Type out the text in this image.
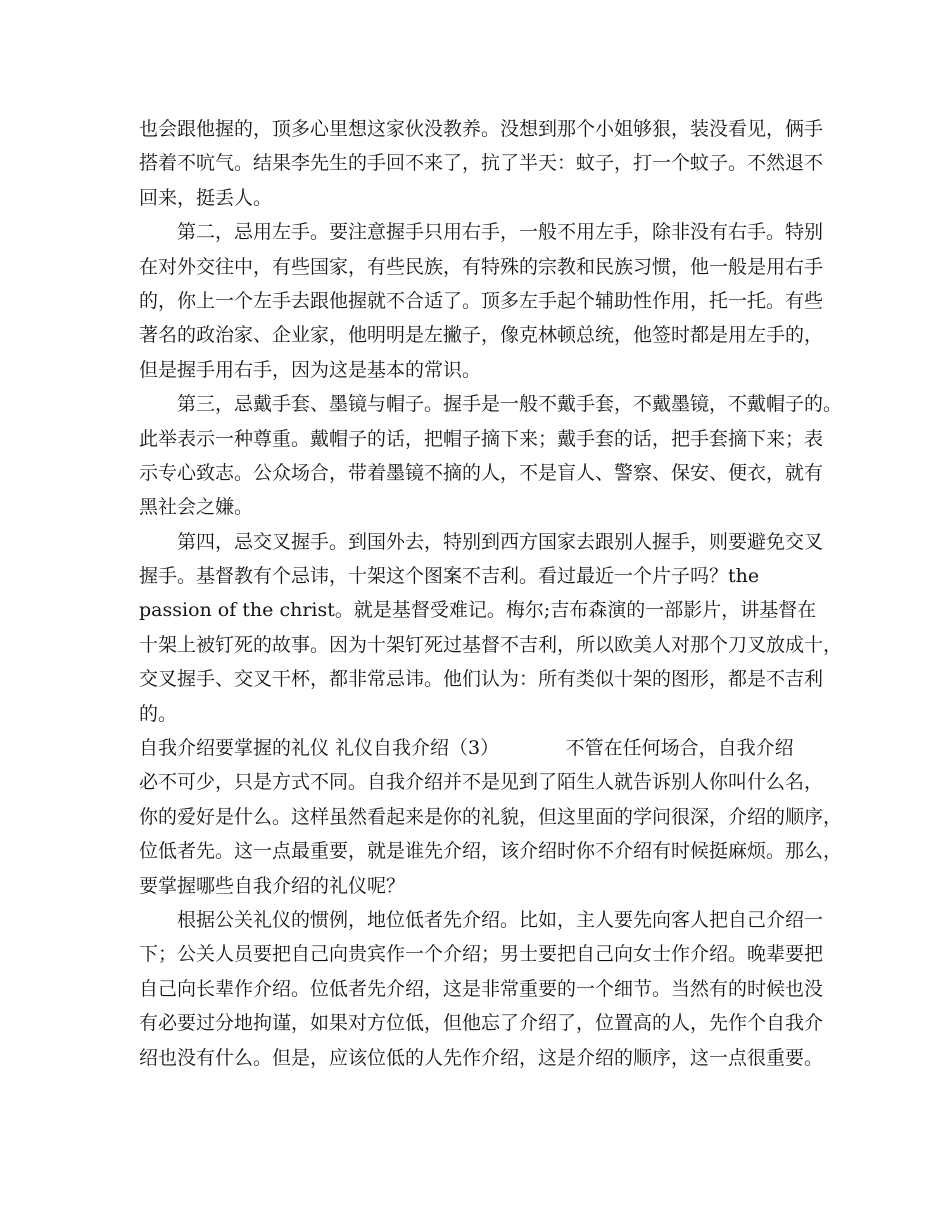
也会跟他握的，顶多心里想这家伙没教养。没想到那个小姐够狠，装没看见，俩手
搭着不吭气。结果李先生的手回不来了，抗了半天：蚊子，打一个蚊子。不然退不
回来，挺丢人。
第二，忌用左手。要注意握手只用右手，一般不用左手，除非没有右手。特别
在对外交往中，有些国家，有些民族，有特殊的宗教和民族习惯，他一般是用右手
的，你上一个左手去跟他握就不合适了。顶多左手起个辅助性作用，托一托。有些
著名的政治家、企业家，他明明是左撇子，像克林顿总统，他签时都是用左手的，
但是握手用右手，因为这是基本的常识。
第三，忌戴手套、墨镜与帽子。握手是一般不戴手套，不戴墨镜，不戴帽子的。
此举表示一种尊重。戴帽子的话，把帽子摘下来；戴手套的话，把手套摘下来；表
示专心致志。公众场合，带着墨镜不摘的人，不是盲人、警察、保安、便衣，就有
黑社会之嫌。
第四，忌交叉握手。到国外去，特别到西方国家去跟别人握手，则要避免交叉
握手。基督教有个忌讳，十架这个图案不吉利。看过最近一个片子吗？the
passion of the christ。就是基督受难记。梅尔;吉布森演的一部影片，讲基督在
十架上被钉死的故事。因为十架钉死过基督不吉利，所以欧美人对那个刀叉放成十，
交叉握手、交叉干杯，都非常忌讳。他们认为：所有类似十架的图形，都是不吉利
的。
自我介绍要掌握的礼仪 礼仪自我介绍（3）　　　　不管在任何场合，自我介绍
必不可少，只是方式不同。自我介绍并不是见到了陌生人就告诉别人你叫什么名，
你的爱好是什么。这样虽然看起来是你的礼貌，但这里面的学问很深，介绍的顺序，
位低者先。这一点最重要，就是谁先介绍，该介绍时你不介绍有时候挺麻烦。那么，
要掌握哪些自我介绍的礼仪呢？
根据公关礼仪的惯例，地位低者先介绍。比如，主人要先向客人把自己介绍一
下；公关人员要把自己向贵宾作一个介绍；男士要把自己向女士作介绍。晚辈要把
自己向长辈作介绍。位低者先介绍，这是非常重要的一个细节。当然有的时候也没
有必要过分地拘谨，如果对方位低，但他忘了介绍了，位置高的人，先作个自我介
绍也没有什么。但是，应该位低的人先作介绍，这是介绍的顺序，这一点很重要。
